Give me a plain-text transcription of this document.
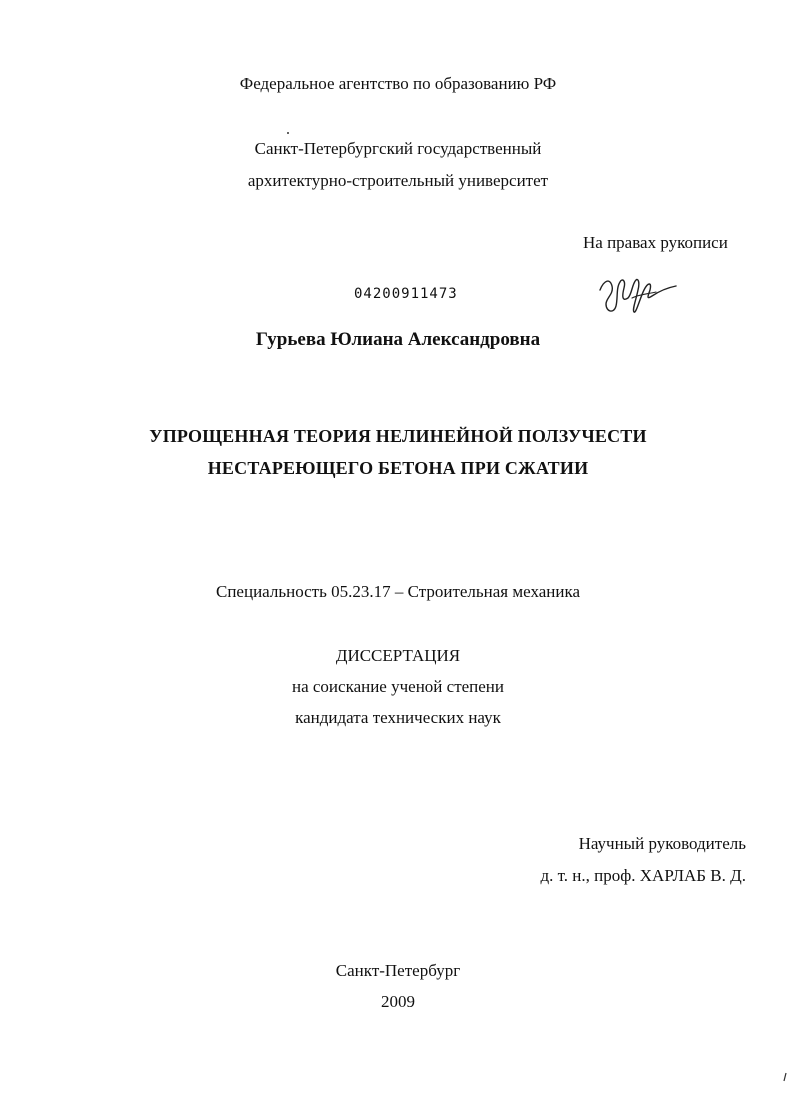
Федеральное агентство по образованию РФ
Санкт-Петербургский государственный
архитектурно-строительный университет
На правах рукописи
04200911473
Гурьева Юлиана Александровна
УПРОЩЕННАЯ ТЕОРИЯ НЕЛИНЕЙНОЙ ПОЛЗУЧЕСТИ
НЕСТАРЕЮЩЕГО БЕТОНА ПРИ СЖАТИИ
Специальность 05.23.17 – Строительная механика
ДИССЕРТАЦИЯ
на соискание ученой степени
кандидата технических наук
Научный руководитель
д. т. н., проф. ХАРЛАБ В. Д.
Санкт-Петербург
2009
